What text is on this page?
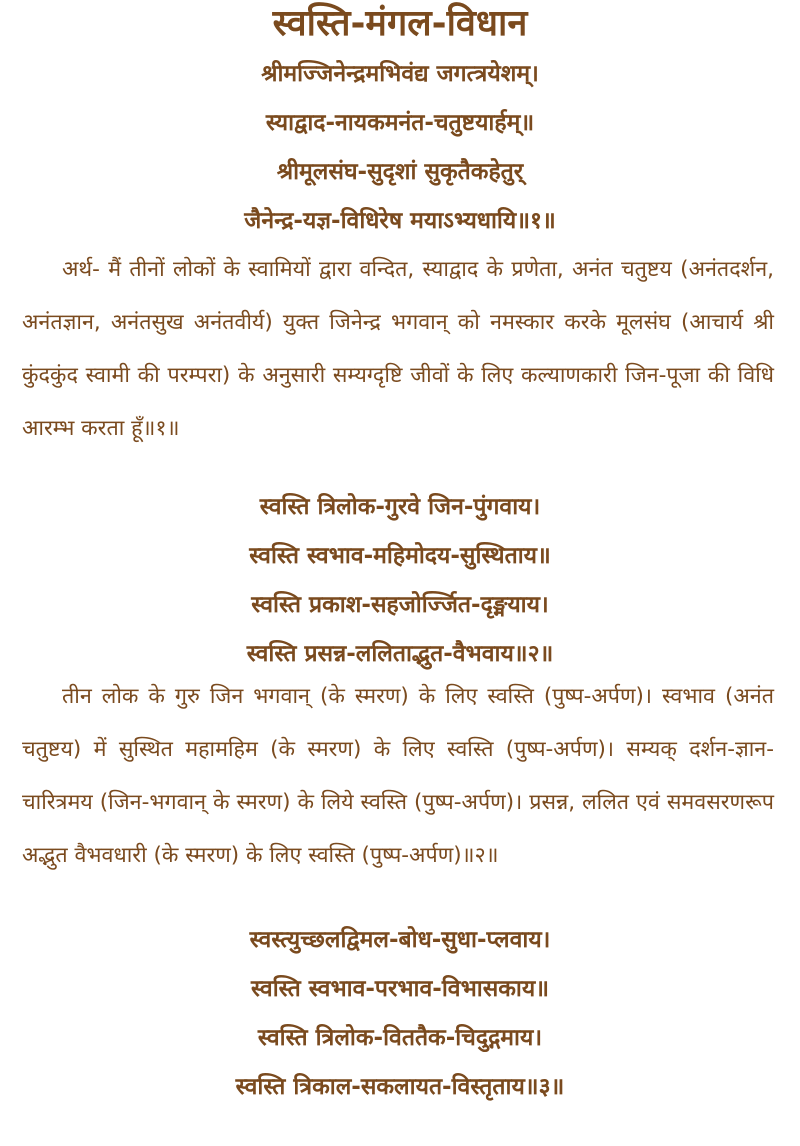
स्वस्ति-मंगल-विधान
श्रीमज्जिनेन्द्रमभिवंद्य जगत्त्रयेशम्।
स्याद्वाद-नायकमनंत-चतुष्टयार्हम्॥
श्रीमूलसंघ-सुदृशां सुकृतैकहेतुर्
जैनेन्द्र-यज्ञ-विधिरेष मयाऽभ्यधायि॥१॥
अर्थ- मैं तीनों लोकों के स्वामियों द्वारा वन्दित, स्याद्वाद के प्रणेता, अनंत चतुष्टय (अनंतदर्शन, अनंतज्ञान, अनंतसुख अनंतवीर्य) युक्त जिनेन्द्र भगवान् को नमस्कार करके मूलसंघ (आचार्य श्री कुंदकुंद स्वामी की परम्परा) के अनुसारी सम्यग्दृष्टि जीवों के लिए कल्याणकारी जिन-पूजा की विधि आरम्भ करता हूँ॥१॥
स्वस्ति त्रिलोक-गुरवे जिन-पुंगवाय।
स्वस्ति स्वभाव-महिमोदय-सुस्थिताय॥
स्वस्ति प्रकाश-सहजोर्ज्जित-दृङ्मयाय।
स्वस्ति प्रसन्न-ललिताद्भुत-वैभवाय॥२॥
तीन लोक के गुरु जिन भगवान् (के स्मरण) के लिए स्वस्ति (पुष्प-अर्पण)। स्वभाव (अनंत चतुष्टय) में सुस्थित महामहिम (के स्मरण) के लिए स्वस्ति (पुष्प-अर्पण)। सम्यक् दर्शन-ज्ञान-चारित्रमय (जिन-भगवान् के स्मरण) के लिये स्वस्ति (पुष्प-अर्पण)। प्रसन्न, ललित एवं समवसरणरूप अद्भुत वैभवधारी (के स्मरण) के लिए स्वस्ति (पुष्प-अर्पण)॥२॥
स्वस्त्युच्छलद्विमल-बोध-सुधा-प्लवाय।
स्वस्ति स्वभाव-परभाव-विभासकाय॥
स्वस्ति त्रिलोक-विततैक-चिदुद्गमाय।
स्वस्ति त्रिकाल-सकलायत-विस्तृताय॥३॥
